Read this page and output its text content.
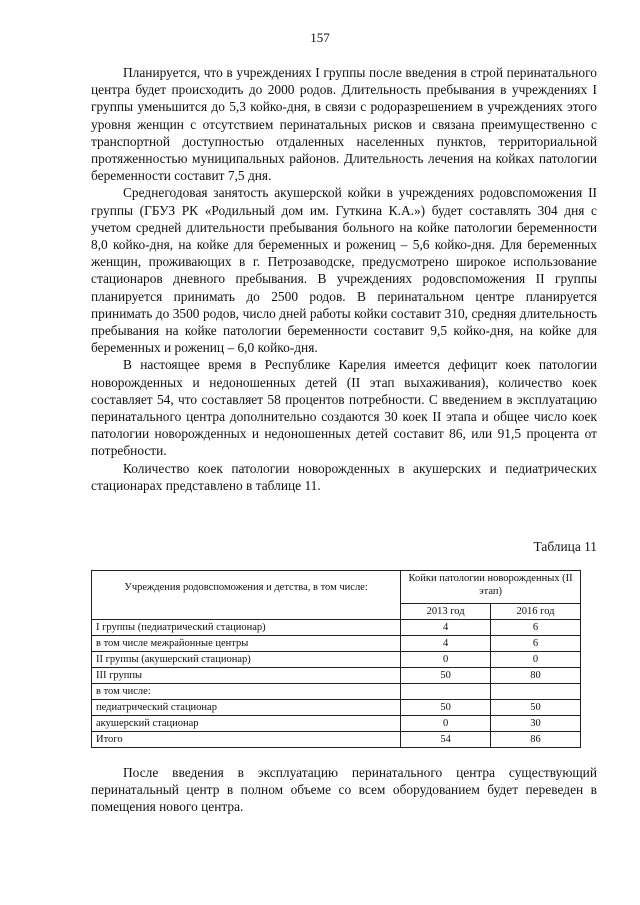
157

Планируется, что в учреждениях I группы после введения в строй перинатального центра будет происходить до 2000 родов. Длительность пребывания в учреждениях I группы уменьшится до 5,3 койко-дня, в связи с родоразрешением в учреждениях этого уровня женщин с отсутствием перинатальных рисков и связана преимущественно с транспортной доступностью отдаленных населенных пунктов, территориальной протяженностью муниципальных районов. Длительность лечения на койках патологии беременности составит 7,5 дня.

Среднегодовая занятость акушерской койки в учреждениях родовспоможения II группы (ГБУЗ РК «Родильный дом им. Гуткина К.А.») будет составлять 304 дня с учетом средней длительности пребывания больного на койке патологии беременности 8,0 койко-дня, на койке для беременных и рожениц – 5,6 койко-дня. Для беременных женщин, проживающих в г. Петрозаводске, предусмотрено широкое использование стационаров дневного пребывания. В учреждениях родовспоможения II группы планируется принимать до 2500 родов. В перинатальном центре планируется принимать до 3500 родов, число дней работы койки составит 310, средняя длительность пребывания на койке патологии беременности составит 9,5 койко-дня, на койке для беременных и рожениц – 6,0 койко-дня.

В настоящее время в Республике Карелия имеется дефицит коек патологии новорожденных и недоношенных детей (II этап выхаживания), количество коек составляет 54, что составляет 58 процентов потребности. С введением в эксплуатацию перинатального центра дополнительно создаются 30 коек II этапа и общее число коек патологии новорожденных и недоношенных детей составит 86, или 91,5 процента от потребности.

Количество коек патологии новорожденных в акушерских и педиатрических стационарах представлено в таблице 11.

Таблица 11
Учреждения родовспоможения и детства, в том числе:	Койки патологии новорожденных (II этап)	
	2013 год	2016 год
I группы (педиатрический стационар)	4	6
в том числе межрайонные центры	4	6
II группы (акушерский стационар)	0	0
III группы	50	80
в том числе:		
педиатрический стационар	50	50
акушерский стационар	0	30
Итого	54	86

После введения в эксплуатацию перинатального центра существующий перинатальный центр в полном объеме со всем оборудованием будет переведен в помещения нового центра.
